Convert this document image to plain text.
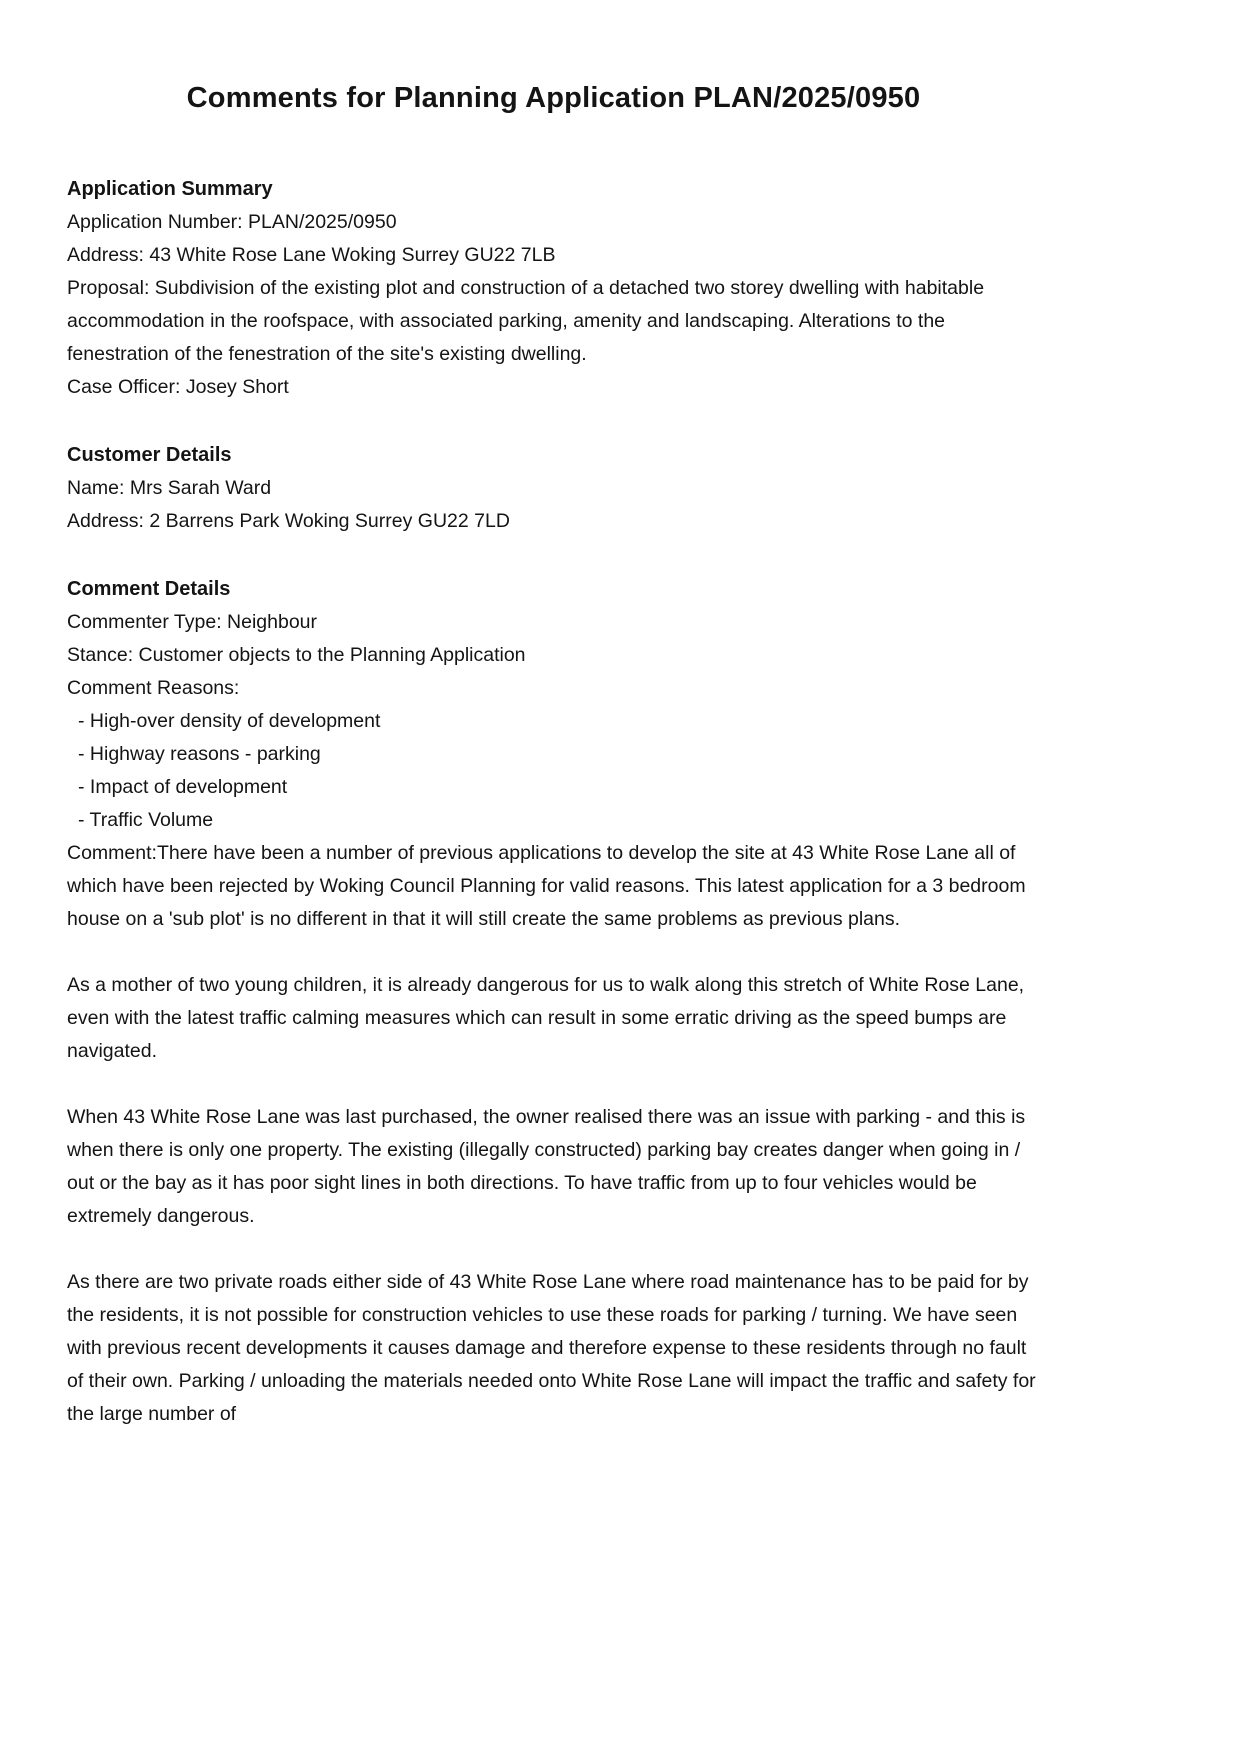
Comments for Planning Application PLAN/2025/0950
Application Summary
Application Number: PLAN/2025/0950
Address: 43 White Rose Lane Woking Surrey GU22 7LB
Proposal: Subdivision of the existing plot and construction of a detached two storey dwelling with habitable accommodation in the roofspace, with associated parking, amenity and landscaping. Alterations to the fenestration of the fenestration of the site's existing dwelling.
Case Officer: Josey Short
Customer Details
Name: Mrs Sarah Ward
Address: 2 Barrens Park Woking Surrey GU22 7LD
Comment Details
Commenter Type: Neighbour
Stance: Customer objects to the Planning Application
Comment Reasons:
- High-over density of development
- Highway reasons - parking
- Impact of development
- Traffic Volume
Comment:There have been a number of previous applications to develop the site at 43 White Rose Lane all of which have been rejected by Woking Council Planning for valid reasons. This latest application for a 3 bedroom house on a 'sub plot' is no different in that it will still create the same problems as previous plans.
As a mother of two young children, it is already dangerous for us to walk along this stretch of White Rose Lane, even with the latest traffic calming measures which can result in some erratic driving as the speed bumps are navigated.
When 43 White Rose Lane was last purchased, the owner realised there was an issue with parking - and this is when there is only one property. The existing (illegally constructed) parking bay creates danger when going in / out or the bay as it has poor sight lines in both directions. To have traffic from up to four vehicles would be extremely dangerous.
As there are two private roads either side of 43 White Rose Lane where road maintenance has to be paid for by the residents, it is not possible for construction vehicles to use these roads for parking / turning. We have seen with previous recent developments it causes damage and therefore expense to these residents through no fault of their own. Parking / unloading the materials needed onto White Rose Lane will impact the traffic and safety for the large number of
